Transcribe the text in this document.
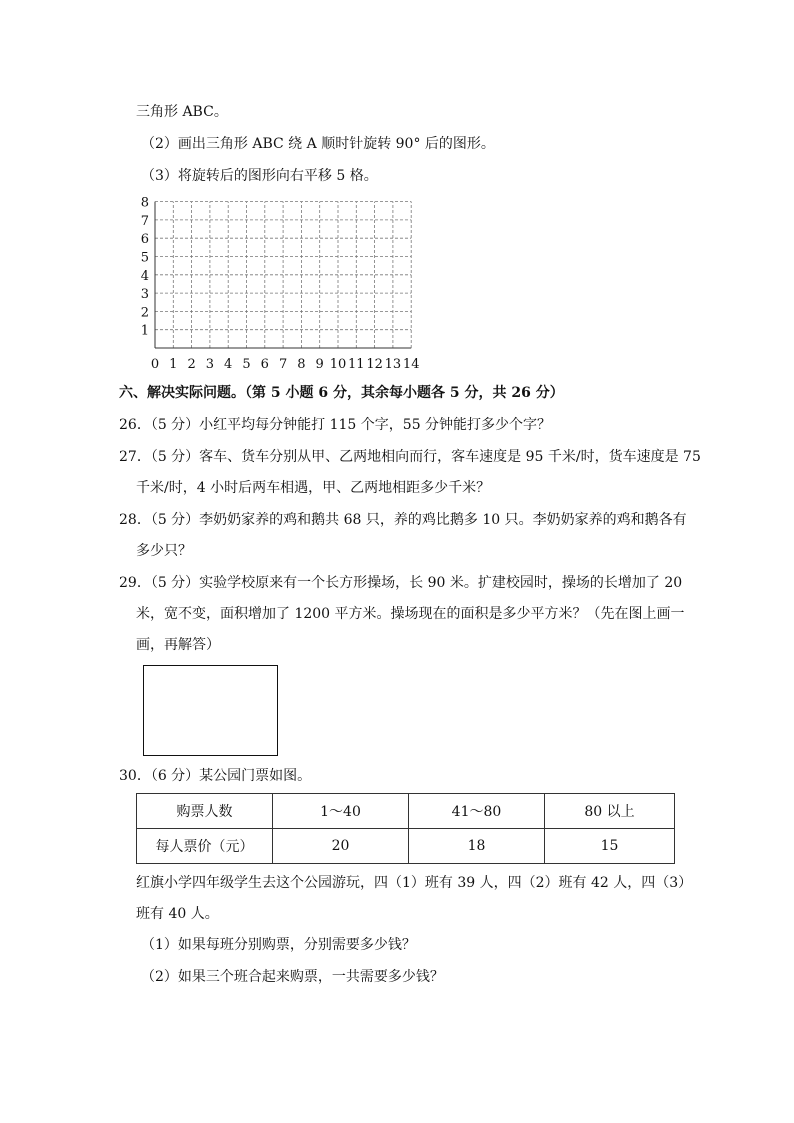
三角形 ABC。
（2）画出三角形 ABC 绕 A 顺时针旋转 90° 后的图形。
（3）将旋转后的图形向右平移 5 格。
0 1 2 3 4 5 6 7 8 9 10 11 12 13 14
1
2
3
4
5
6
7
8
六、解决实际问题。（第 5 小题 6 分，其余每小题各 5 分，共 26 分）
26．（5 分）小红平均每分钟能打 115 个字，55 分钟能打多少个字？
27．（5 分）客车、货车分别从甲、乙两地相向而行，客车速度是 95 千米/时，货车速度是 75
千米/时，4 小时后两车相遇，甲、乙两地相距多少千米？
28．（5 分）李奶奶家养的鸡和鹅共 68 只，养的鸡比鹅多 10 只。李奶奶家养的鸡和鹅各有
多少只？
29．（5 分）实验学校原来有一个长方形操场，长 90 米。扩建校园时，操场的长增加了 20
米，宽不变，面积增加了 1200 平方米。操场现在的面积是多少平方米？（先在图上画一
画，再解答）
30．（6 分）某公园门票如图。
购票人数	1～40	41～80	80 以上
每人票价（元）	20	18	15
红旗小学四年级学生去这个公园游玩，四（1）班有 39 人，四（2）班有 42 人，四（3）
班有 40 人。
（1）如果每班分别购票，分别需要多少钱？
（2）如果三个班合起来购票，一共需要多少钱？
